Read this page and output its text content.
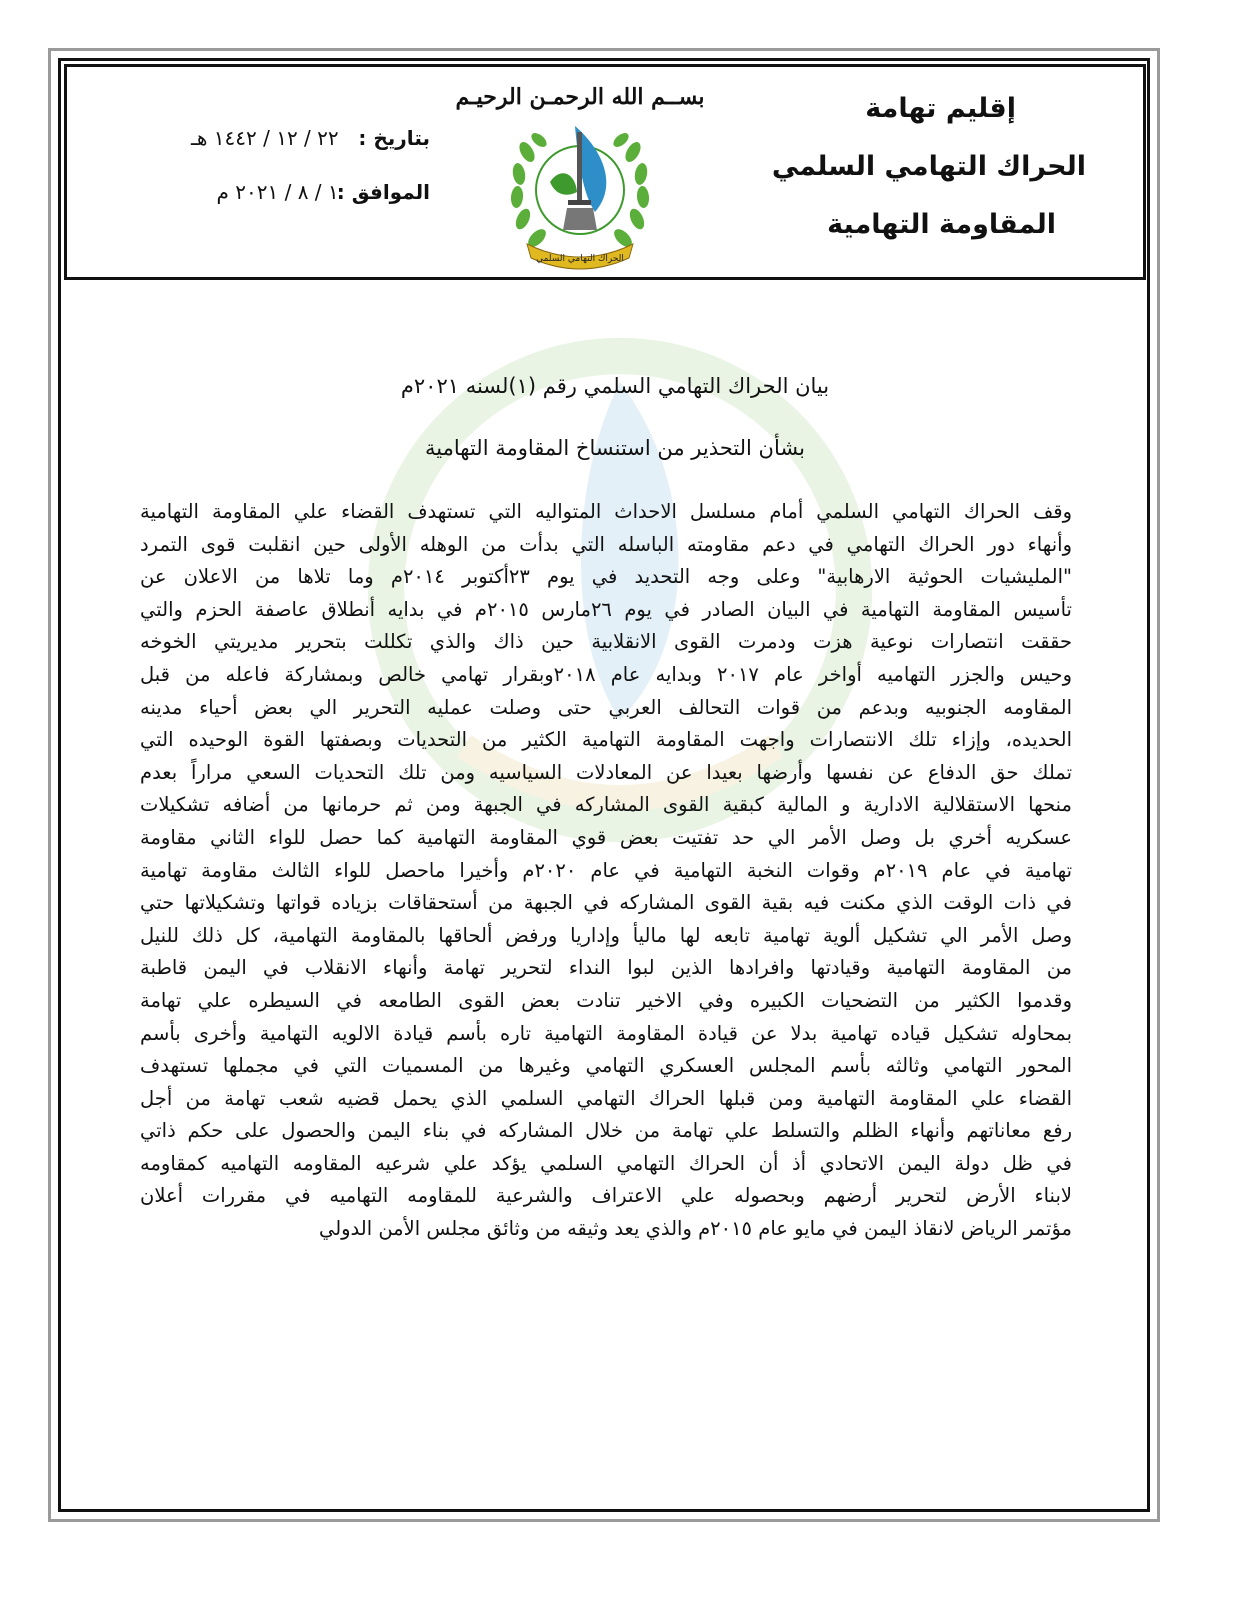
إقليم تهامة
الحراك التهامي السلمي
المقاومة التهامية
بســم الله الرحمـن الرحيـم
الحراك التهامي السلمي
بتاريخ : ٢٢ / ١٢ / ١٤٤٢ هـ
الموافق : ١ / ٨ / ٢٠٢١ م
بيان الحراك التهامي السلمي رقم (١)لسنه ٢٠٢١م
بشأن التحذير من استنساخ المقاومة التهامية
وقف الحراك التهامي السلمي أمام مسلسل الاحداث المتواليه التي تستهدف القضاء علي المقاومة التهامية
وأنهاء دور الحراك التهامي في دعم مقاومته الباسله التي بدأت من الوهله الأولى حين انقلبت قوى التمرد
"المليشيات الحوثية الارهابية" وعلى وجه التحديد في يوم ٢٣أكتوبر ٢٠١٤م وما تلاها من الاعلان عن
تأسيس المقاومة التهامية في البيان الصادر في يوم ٢٦مارس ٢٠١٥م في بدايه أنطلاق عاصفة الحزم والتي
حققت انتصارات نوعية هزت ودمرت القوى الانقلابية حين ذاك والذي تكللت بتحرير مديريتي الخوخه
وحيس والجزر التهاميه أواخر عام ٢٠١٧ وبدايه عام ٢٠١٨وبقرار تهامي خالص وبمشاركة فاعله من قبل
المقاومه الجنوبيه وبدعم من قوات التحالف العربي حتى وصلت عمليه التحرير الي بعض أحياء مدينه
الحديده، وإزاء تلك الانتصارات واجهت المقاومة التهامية الكثير من التحديات وبصفتها القوة الوحيده التي
تملك حق الدفاع عن نفسها وأرضها بعيدا عن المعادلات السياسيه ومن تلك التحديات السعي مراراً بعدم
منحها الاستقلالية الادارية و المالية كبقية القوى المشاركه في الجبهة ومن ثم حرمانها من أضافه تشكيلات
عسكريه أخري بل وصل الأمر الي حد تفتيت بعض قوي المقاومة التهامية كما حصل للواء الثاني مقاومة
تهامية في عام ٢٠١٩م وقوات النخبة التهامية في عام ٢٠٢٠م وأخيرا ماحصل للواء الثالث مقاومة تهامية
في ذات الوقت الذي مكنت فيه بقية القوى المشاركه في الجبهة من أستحقاقات بزياده قواتها وتشكيلاتها حتي
وصل الأمر الي تشكيل ألوية تهامية تابعه لها ماليأ وإداريا ورفض ألحاقها بالمقاومة التهامية، كل ذلك للنيل
من المقاومة التهامية وقيادتها وافرادها الذين لبوا النداء لتحرير تهامة وأنهاء الانقلاب في اليمن قاطبة
وقدموا الكثير من التضحيات الكبيره وفي الاخير تنادت بعض القوى الطامعه في السيطره علي تهامة
بمحاوله تشكيل قياده تهامية بدلا عن قيادة المقاومة التهامية تاره بأسم قيادة الالويه التهامية وأخرى بأسم
المحور التهامي وثالثه بأسم المجلس العسكري التهامي وغيرها من المسميات التي في مجملها تستهدف
القضاء علي المقاومة التهامية ومن قبلها الحراك التهامي السلمي الذي يحمل قضيه شعب تهامة من أجل
رفع معاناتهم وأنهاء الظلم والتسلط علي تهامة من خلال المشاركه في بناء اليمن والحصول على حكم ذاتي
في ظل دولة اليمن الاتحادي أذ أن الحراك التهامي السلمي يؤكد علي شرعيه المقاومه التهاميه كمقاومه
لابناء الأرض لتحرير أرضهم وبحصوله علي الاعتراف والشرعية للمقاومه التهاميه في مقررات أعلان
مؤتمر الرياض لانقاذ اليمن في مايو عام ٢٠١٥م والذي يعد وثيقه من وثائق مجلس الأمن الدولي
